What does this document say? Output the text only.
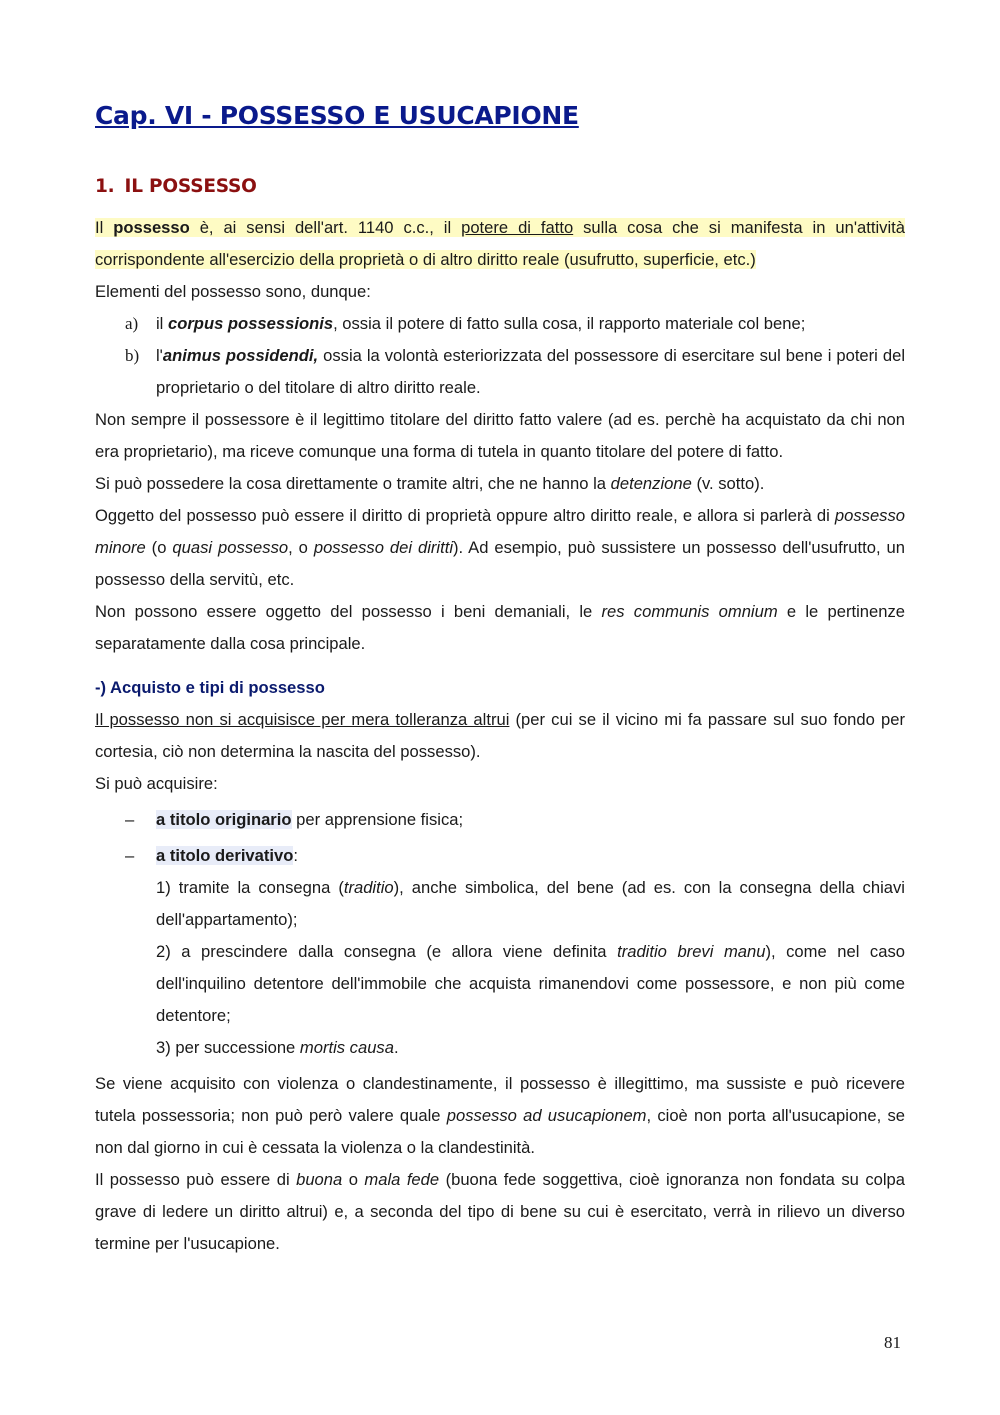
Cap. VI - POSSESSO E USUCAPIONE
1. IL POSSESSO

Il possesso è, ai sensi dell'art. 1140 c.c., il potere di fatto sulla cosa che si manifesta in un'attività corrispondente all'esercizio della proprietà o di altro diritto reale (usufrutto, superficie, etc.)

Elementi del possesso sono, dunque:

a) il corpus possessionis, ossia il potere di fatto sulla cosa, il rapporto materiale col bene;
b) l'animus possidendi, ossia la volontà esteriorizzata del possessore di esercitare sul bene i poteri del proprietario o del titolare di altro diritto reale.

Non sempre il possessore è il legittimo titolare del diritto fatto valere (ad es. perchè ha acquistato da chi non era proprietario), ma riceve comunque una forma di tutela in quanto titolare del potere di fatto.

Si può possedere la cosa direttamente o tramite altri, che ne hanno la detenzione (v. sotto).

Oggetto del possesso può essere il diritto di proprietà oppure altro diritto reale, e allora si parlerà di possesso minore (o quasi possesso, o possesso dei diritti). Ad esempio, può sussistere un possesso dell'usufrutto, un possesso della servitù, etc.

Non possono essere oggetto del possesso i beni demaniali, le res communis omnium e le pertinenze separatamente dalla cosa principale.

-) Acquisto e tipi di possesso

Il possesso non si acquisisce per mera tolleranza altrui (per cui se il vicino mi fa passare sul suo fondo per cortesia, ciò non determina la nascita del possesso).

Si può acquisire:

– a titolo originario per apprensione fisica;
– a titolo derivativo:

1) tramite la consegna (traditio), anche simbolica, del bene (ad es. con la consegna della chiavi dell'appartamento);

2) a prescindere dalla consegna (e allora viene definita traditio brevi manu), come nel caso dell'inquilino detentore dell'immobile che acquista rimanendovi come possessore, e non più come detentore;

3) per successione mortis causa.

Se viene acquisito con violenza o clandestinamente, il possesso è illegittimo, ma sussiste e può ricevere tutela possessoria; non può però valere quale possesso ad usucapionem, cioè non porta all'usucapione, se non dal giorno in cui è cessata la violenza o la clandestinità.

Il possesso può essere di buona o mala fede (buona fede soggettiva, cioè ignoranza non fondata su colpa grave di ledere un diritto altrui) e, a seconda del tipo di bene su cui è esercitato, verrà in rilievo un diverso termine per l'usucapione.

81
